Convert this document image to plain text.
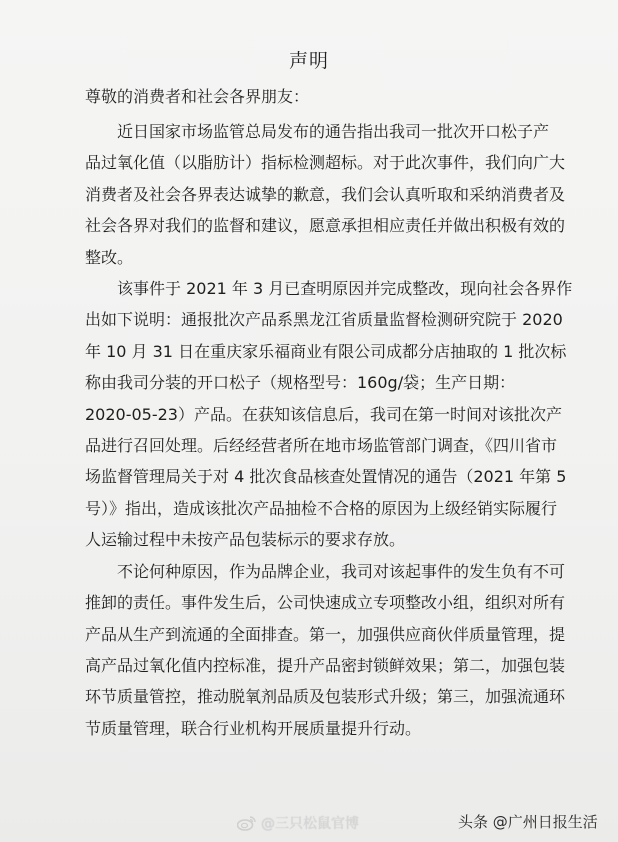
声明
尊敬的消费者和社会各界朋友：
近日国家市场监管总局发布的通告指出我司一批次开口松子产
品过氧化值（以脂肪计）指标检测超标。对于此次事件，我们向广大
消费者及社会各界表达诚挚的歉意，我们会认真听取和采纳消费者及
社会各界对我们的监督和建议，愿意承担相应责任并做出积极有效的
整改。
该事件于 2021 年 3 月已查明原因并完成整改，现向社会各界作
出如下说明：通报批次产品系黑龙江省质量监督检测研究院于 2020
年 10 月 31 日在重庆家乐福商业有限公司成都分店抽取的 1 批次标
称由我司分装的开口松子（规格型号：160g/袋；生产日期：
2020-05-23）产品。在获知该信息后，我司在第一时间对该批次产
品进行召回处理。后经经营者所在地市场监管部门调查，《四川省市
场监督管理局关于对 4 批次食品核查处置情况的通告（2021 年第 5
号）》指出，造成该批次产品抽检不合格的原因为上级经销实际履行
人运输过程中未按产品包装标示的要求存放。
不论何种原因，作为品牌企业，我司对该起事件的发生负有不可
推卸的责任。事件发生后，公司快速成立专项整改小组，组织对所有
产品从生产到流通的全面排查。第一，加强供应商伙伴质量管理，提
高产品过氧化值内控标准，提升产品密封锁鲜效果；第二，加强包装
环节质量管控，推动脱氧剂品质及包装形式升级；第三，加强流通环
节质量管理，联合行业机构开展质量提升行动。
@三只松鼠官博	头条 @广州日报生活
